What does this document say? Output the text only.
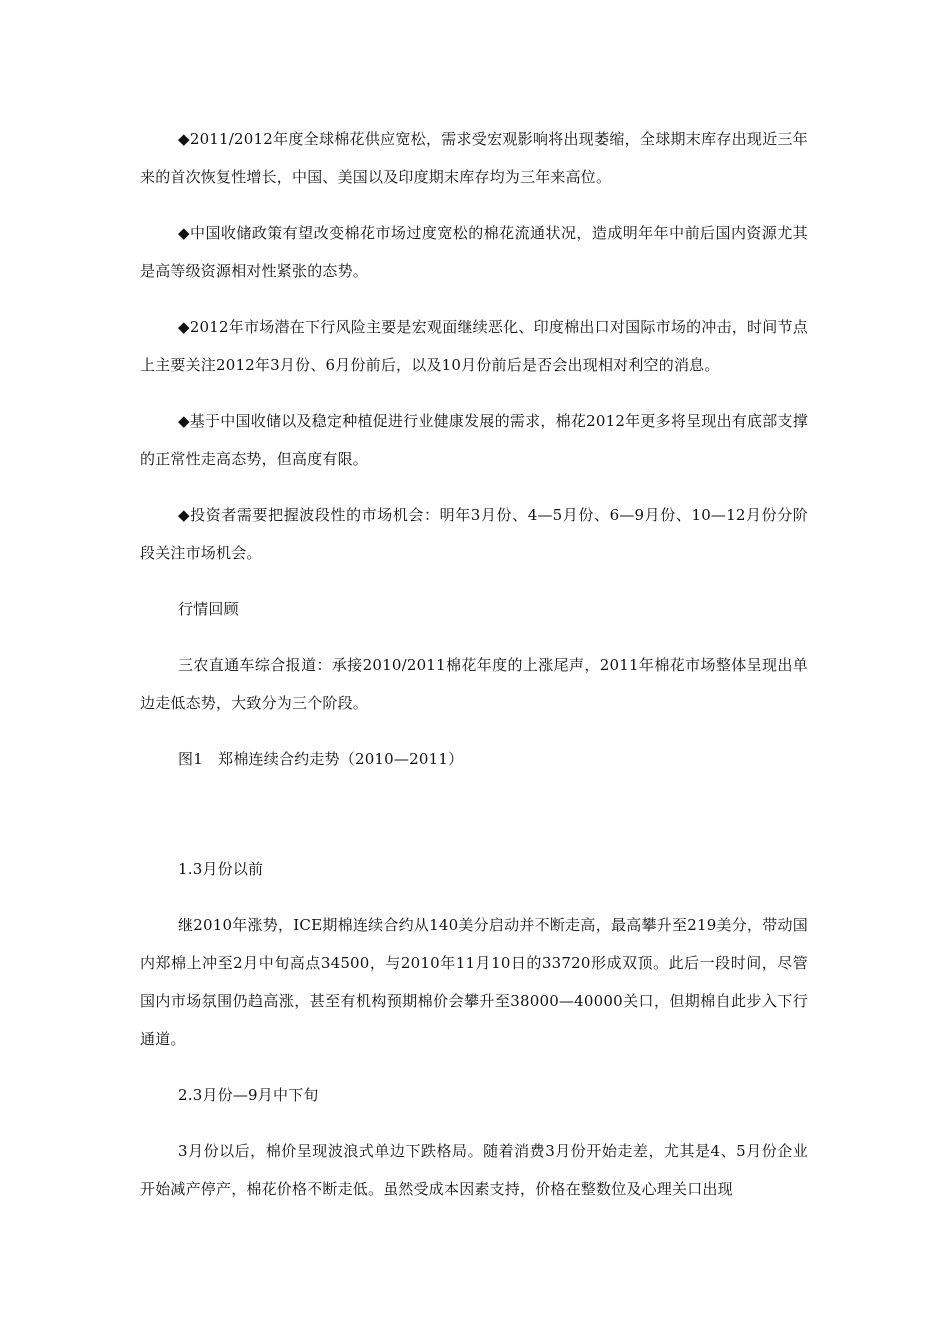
◆2011/2012年度全球棉花供应宽松，需求受宏观影响将出现萎缩，全球期末库存出现近三年来的首次恢复性增长，中国、美国以及印度期末库存均为三年来高位。

◆中国收储政策有望改变棉花市场过度宽松的棉花流通状况，造成明年年中前后国内资源尤其是高等级资源相对性紧张的态势。

◆2012年市场潜在下行风险主要是宏观面继续恶化、印度棉出口对国际市场的冲击，时间节点上主要关注2012年3月份、6月份前后，以及10月份前后是否会出现相对利空的消息。

◆基于中国收储以及稳定种植促进行业健康发展的需求，棉花2012年更多将呈现出有底部支撑的正常性走高态势，但高度有限。

◆投资者需要把握波段性的市场机会：明年3月份、4—5月份、6—9月份、10—12月份分阶段关注市场机会。

行情回顾

三农直通车综合报道：承接2010/2011棉花年度的上涨尾声，2011年棉花市场整体呈现出单边走低态势，大致分为三个阶段。

图1　郑棉连续合约走势（2010—2011）

1.3月份以前

继2010年涨势，ICE期棉连续合约从140美分启动并不断走高，最高攀升至219美分，带动国内郑棉上冲至2月中旬高点34500，与2010年11月10日的33720形成双顶。此后一段时间，尽管国内市场氛围仍趋高涨，甚至有机构预期棉价会攀升至38000—40000关口，但期棉自此步入下行通道。

2.3月份—9月中下旬

3月份以后，棉价呈现波浪式单边下跌格局。随着消费3月份开始走差，尤其是4、5月份企业开始减产停产，棉花价格不断走低。虽然受成本因素支持，价格在整数位及心理关口出现
